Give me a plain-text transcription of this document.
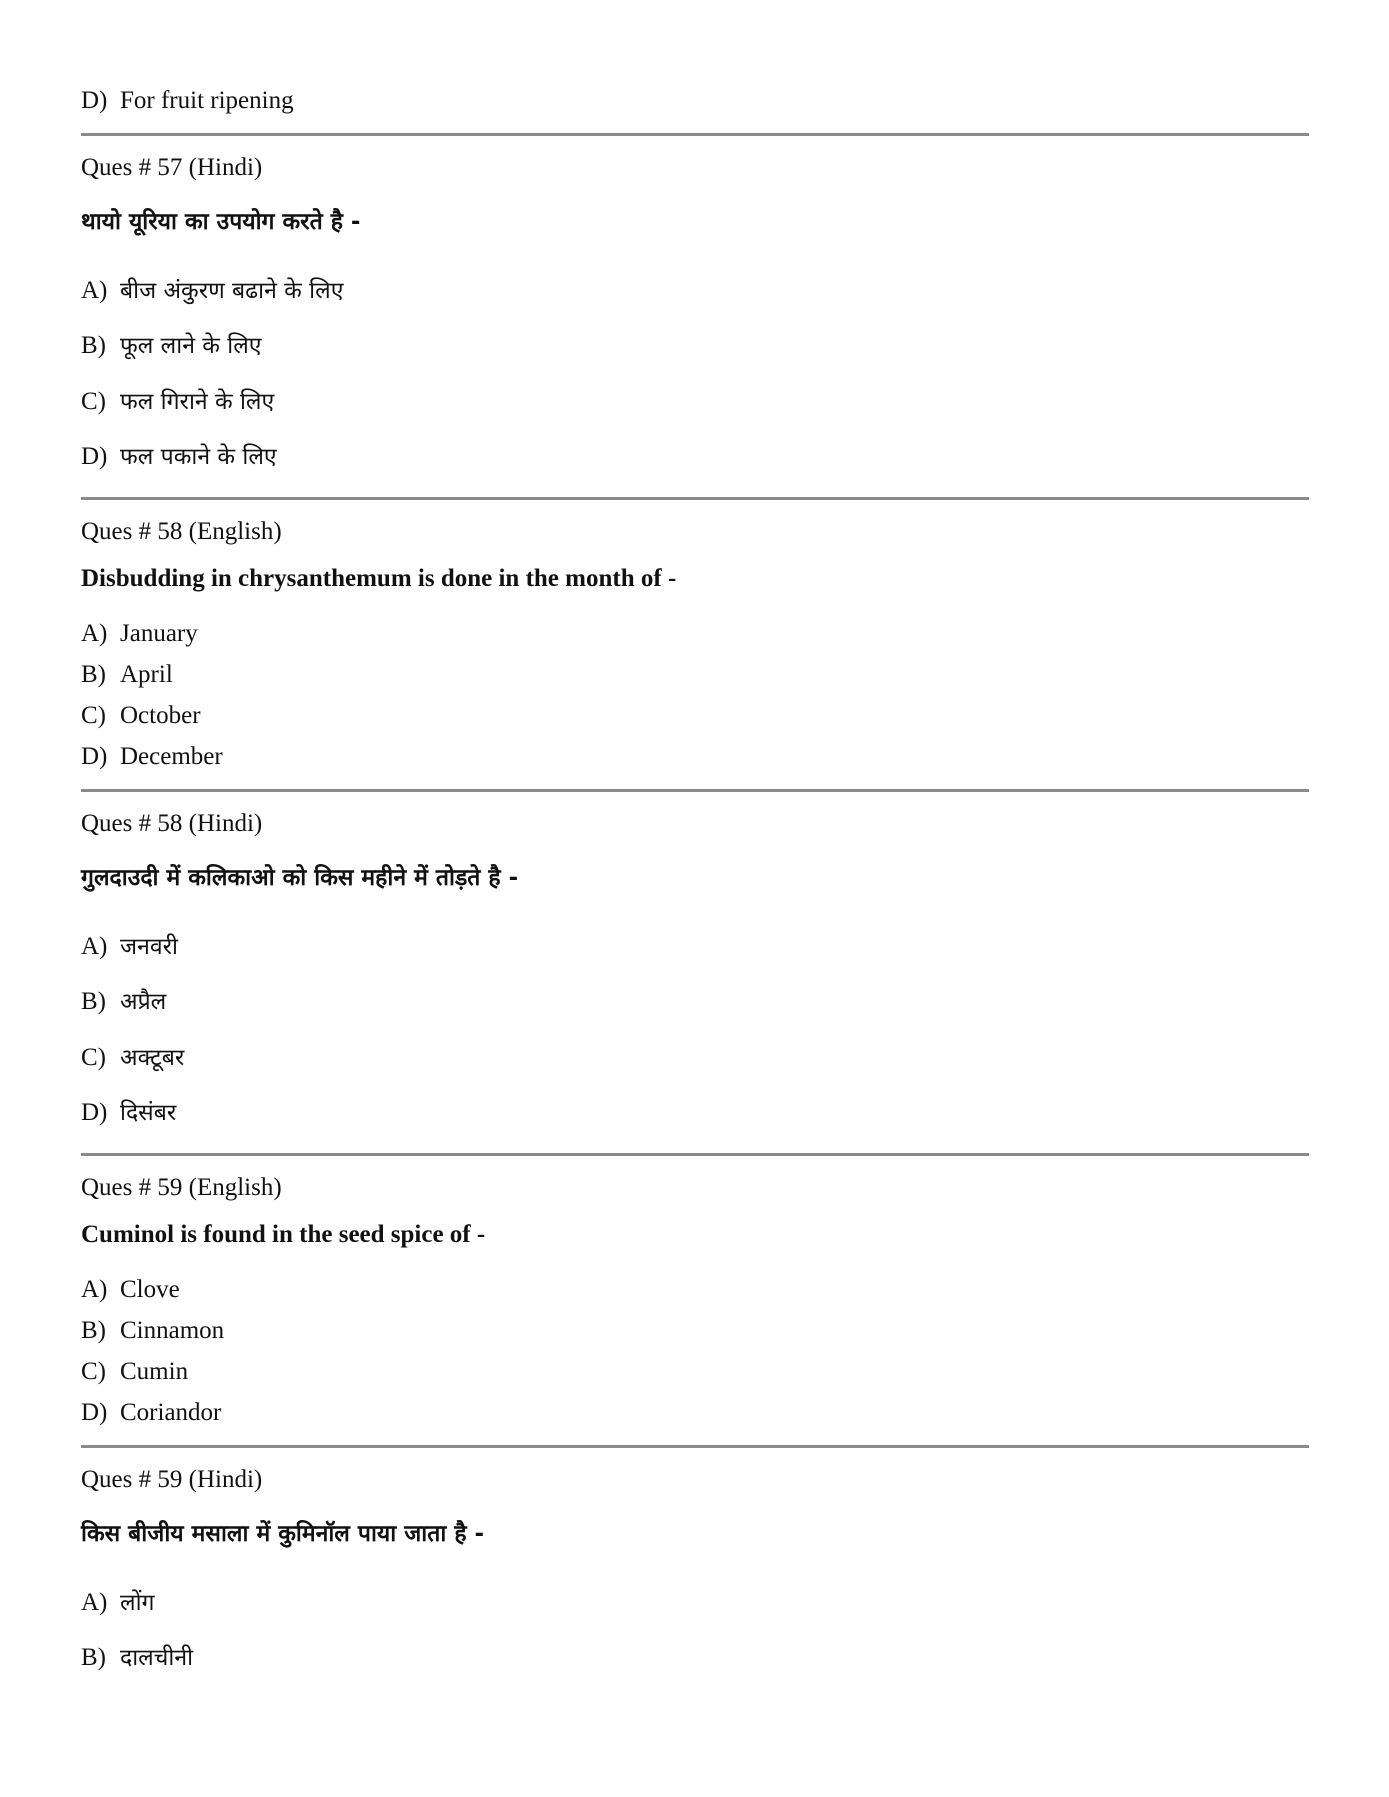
D) For fruit ripening
Ques # 57 (Hindi)
थायो यूरिया का उपयोग करते है -
A) बीज अंकुरण बढाने के लिए
B) फूल लाने के लिए
C) फल गिराने के लिए
D) फल पकाने के लिए
Ques # 58 (English)
Disbudding in chrysanthemum is done in the month of -
A) January
B) April
C) October
D) December
Ques # 58 (Hindi)
गुलदाउदी में कलिकाओ को किस महीने में तोड़ते है -
A) जनवरी
B) अप्रैल
C) अक्टूबर
D) दिसंबर
Ques # 59 (English)
Cuminol is found in the seed spice of -
A) Clove
B) Cinnamon
C) Cumin
D) Coriandor
Ques # 59 (Hindi)
किस बीजीय मसाला में कुमिनॉल पाया जाता है -
A) लोंग
B) दालचीनी
